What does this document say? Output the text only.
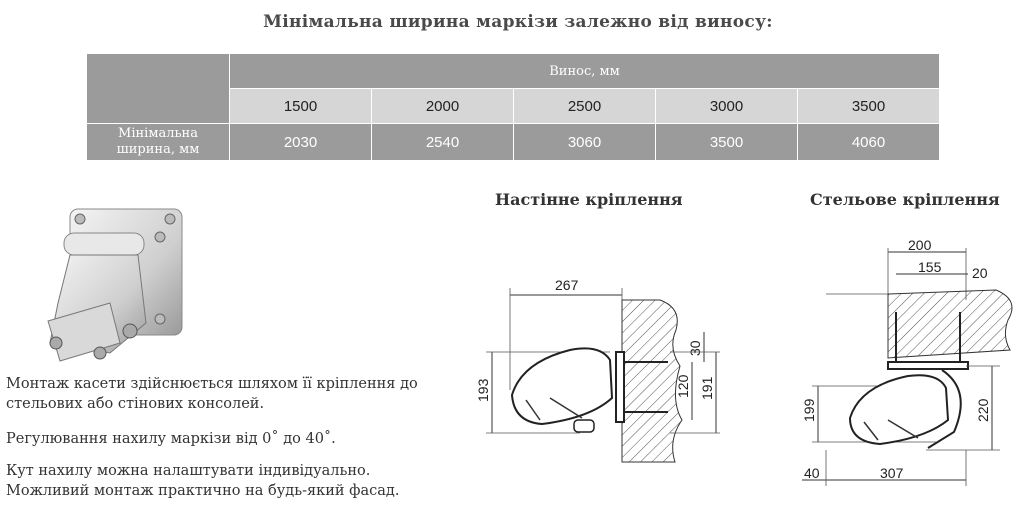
Мінімальна ширина маркізи залежно від виносу:
	Винос, мм				
	1500	2000	2500	3000	3500
Мінімальна
ширина, мм	2030	2540	3060	3500	4060
Настінне кріплення	Стельове кріплення
267
193	120
30
191
200
155 20
199	220
40	307
Монтаж касети здійснюється шляхом її кріплення до стельових або стінових консолей.
Регулювання нахилу маркізи від 0˚ до 40˚.
Кут нахилу можна налаштувати індивідуально. Можливий монтаж практично на будь-який фасад.
